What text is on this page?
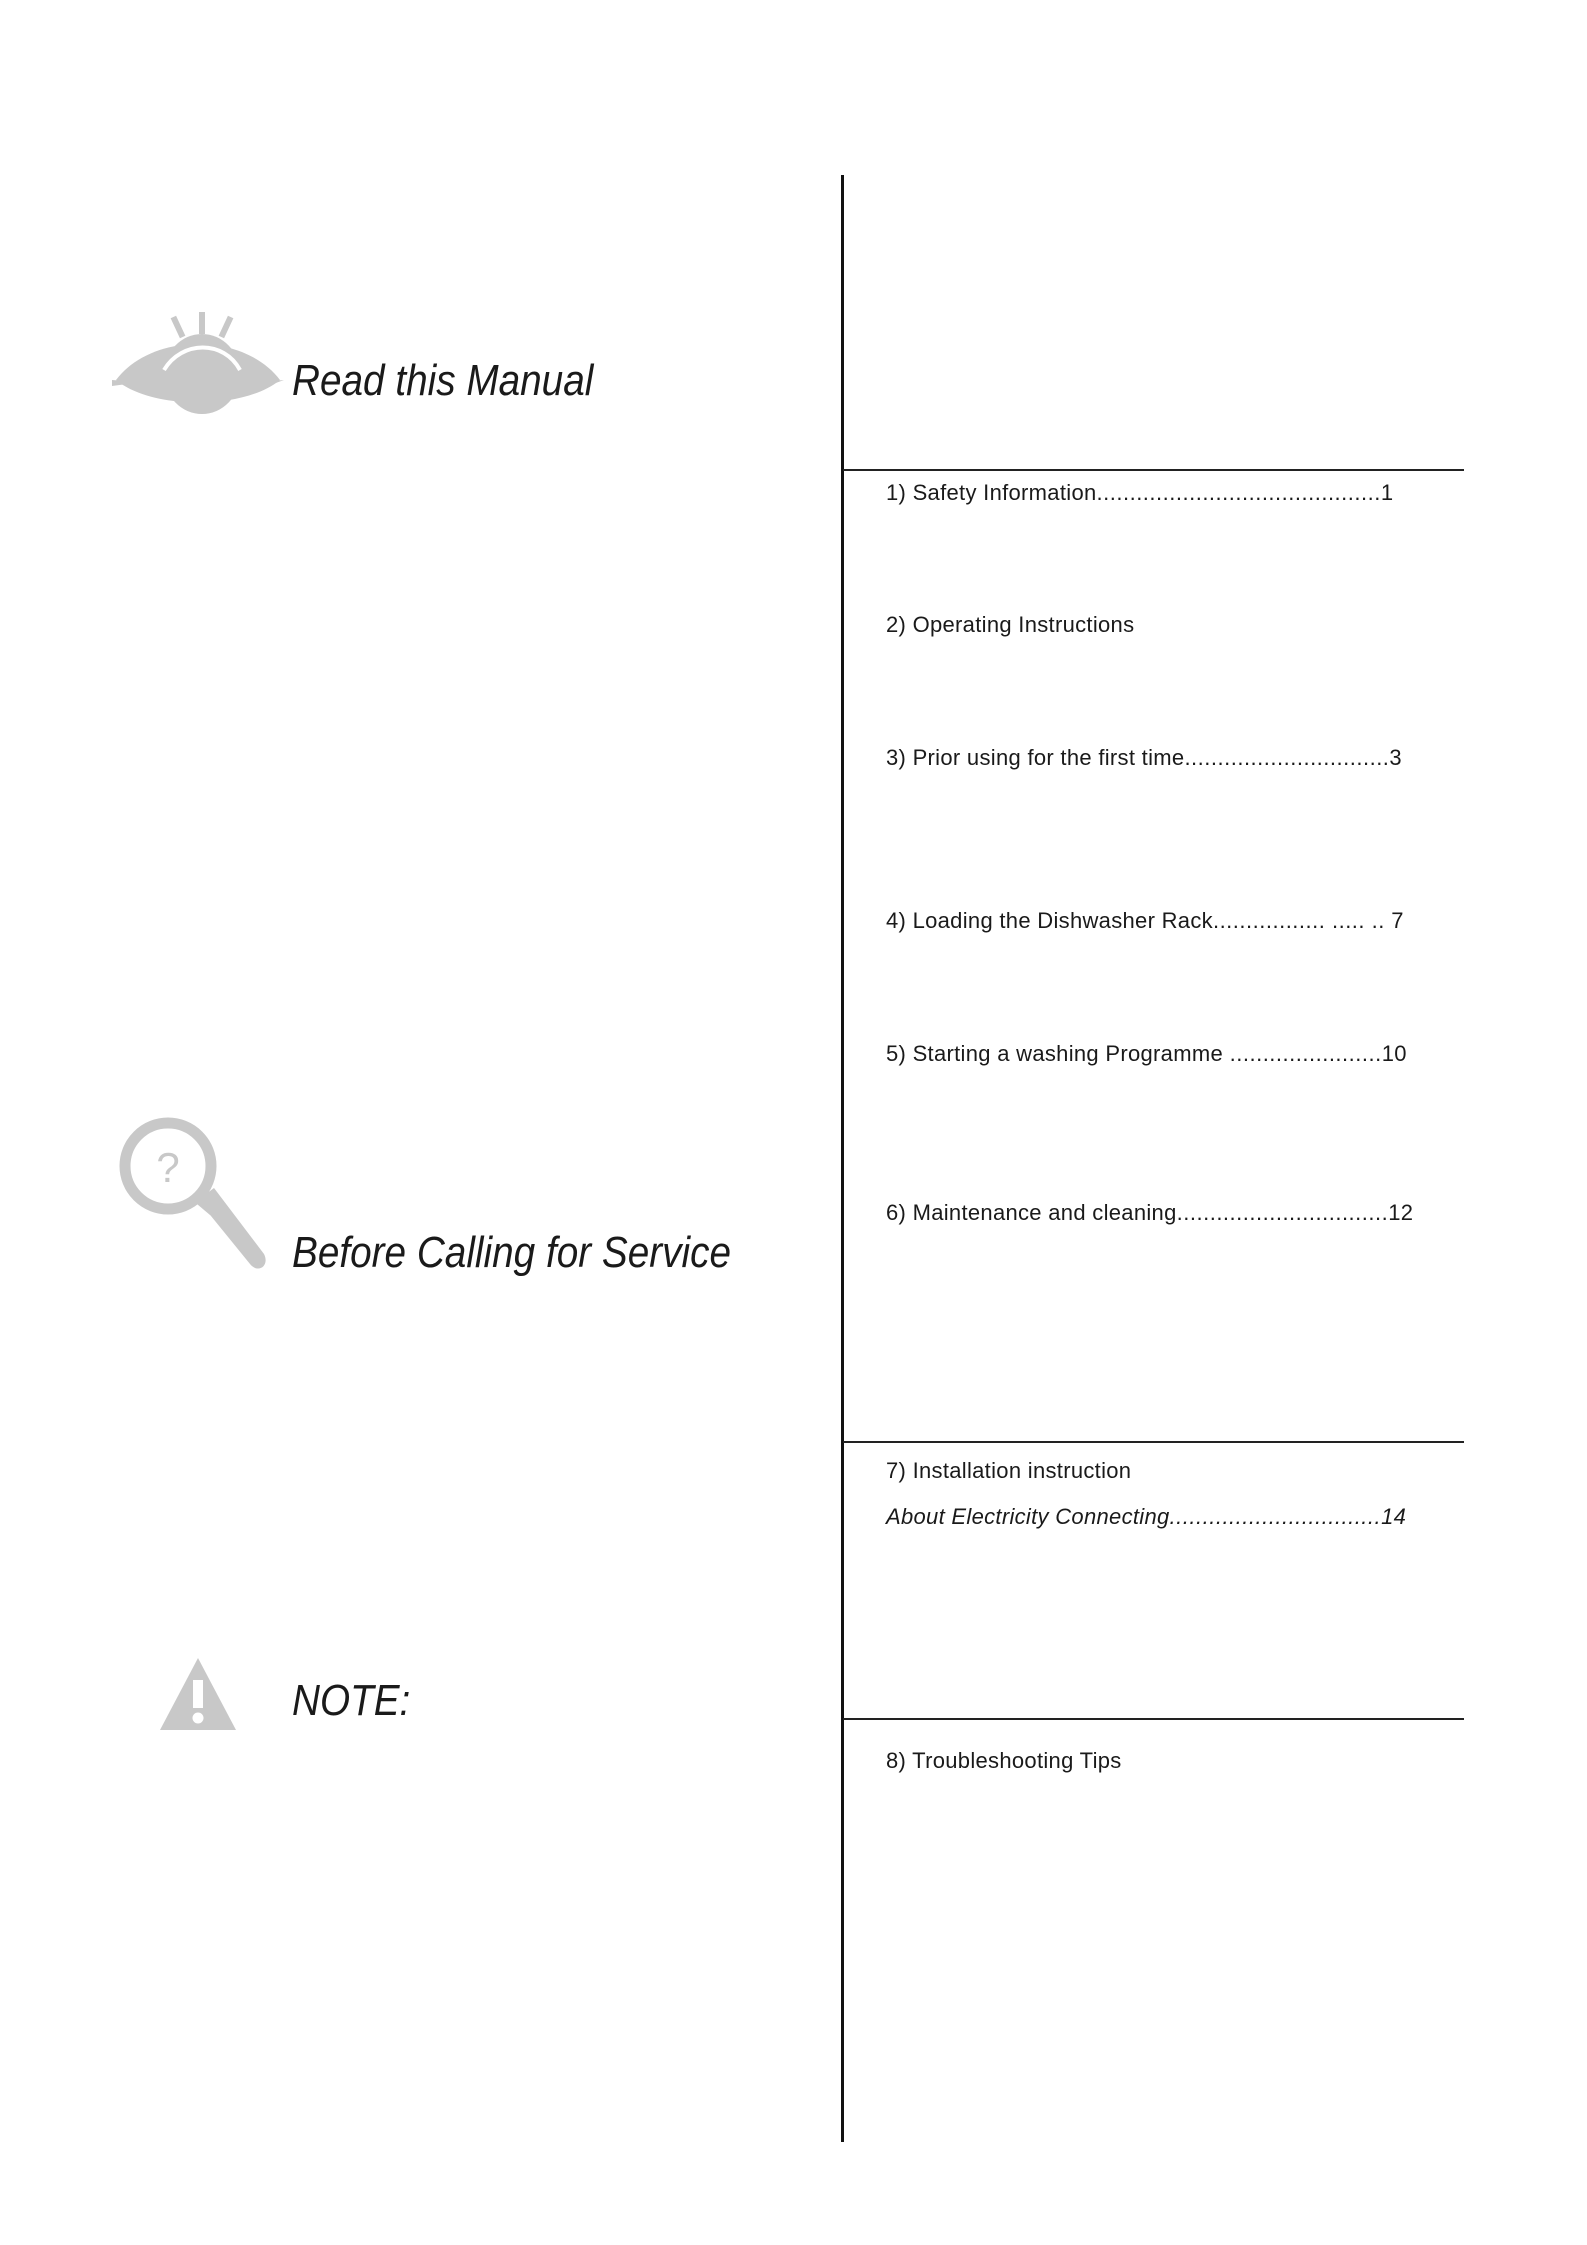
Read this Manual
?
Before Calling for Service
NOTE:
1) Safety Information...........................................1
2) Operating Instructions
3) Prior using for the first time...............................3
4) Loading the Dishwasher Rack................. ..... .. 7
5) Starting a washing Programme .......................10
6) Maintenance and cleaning................................12
7) Installation instruction
About Electricity Connecting................................14
8) Troubleshooting Tips
